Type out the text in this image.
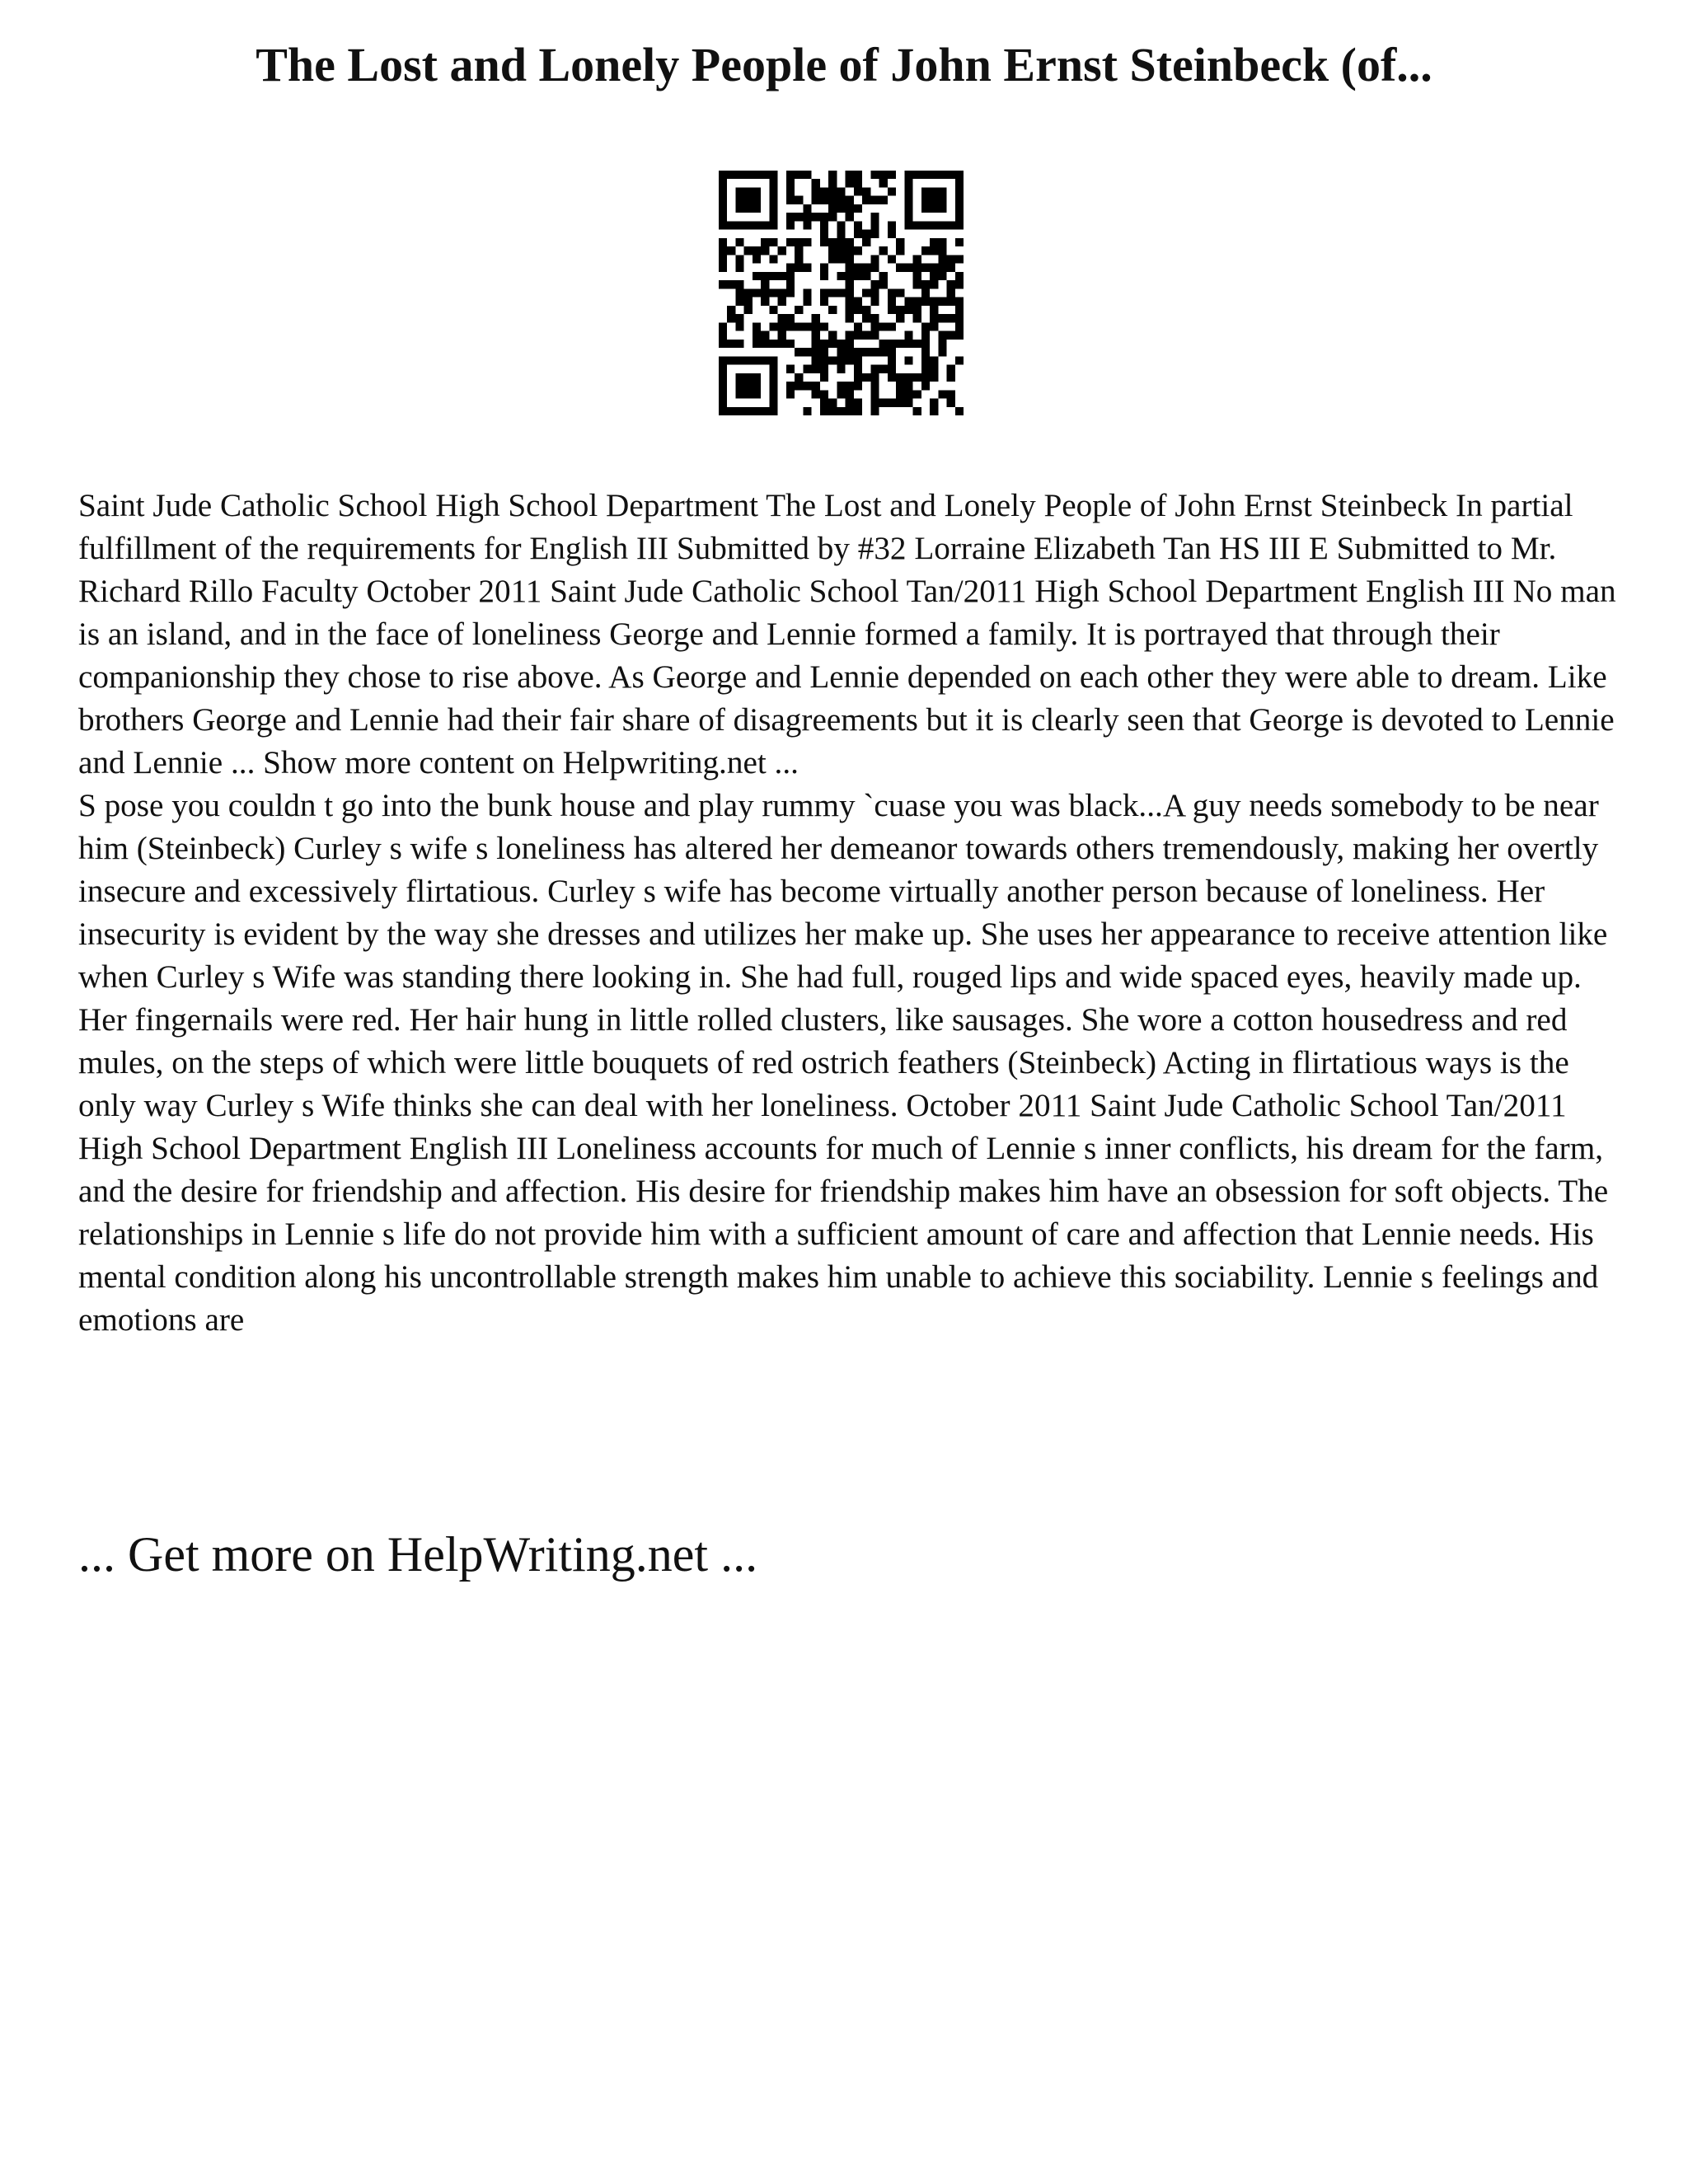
The Lost and Lonely People of John Ernst Steinbeck (of...

Saint Jude Catholic School High School Department The Lost and Lonely People of John Ernst Steinbeck In partial fulfillment of the requirements for English III Submitted by #32 Lorraine Elizabeth Tan HS III E Submitted to Mr. Richard Rillo Faculty October 2011 Saint Jude Catholic School Tan/2011 High School Department English III No man is an island, and in the face of loneliness George and Lennie formed a family. It is portrayed that through their companionship they chose to rise above. As George and Lennie depended on each other they were able to dream. Like brothers George and Lennie had their fair share of disagreements but it is clearly seen that George is devoted to Lennie and Lennie ... Show more content on Helpwriting.net ...

S pose you couldn t go into the bunk house and play rummy `cuase you was black...A guy needs somebody to be near him (Steinbeck) Curley s wife s loneliness has altered her demeanor towards others tremendously, making her overtly insecure and excessively flirtatious. Curley s wife has become virtually another person because of loneliness. Her insecurity is evident by the way she dresses and utilizes her make up. She uses her appearance to receive attention like when Curley s Wife was standing there looking in. She had full, rouged lips and wide spaced eyes, heavily made up. Her fingernails were red. Her hair hung in little rolled clusters, like sausages. She wore a cotton housedress and red mules, on the steps of which were little bouquets of red ostrich feathers (Steinbeck) Acting in flirtatious ways is the only way Curley s Wife thinks she can deal with her loneliness. October 2011 Saint Jude Catholic School Tan/2011 High School Department English III Loneliness accounts for much of Lennie s inner conflicts, his dream for the farm, and the desire for friendship and affection. His desire for friendship makes him have an obsession for soft objects. The relationships in Lennie s life do not provide him with a sufficient amount of care and affection that Lennie needs. His mental condition along his uncontrollable strength makes him unable to achieve this sociability. Lennie s feelings and emotions are

... Get more on HelpWriting.net ...
